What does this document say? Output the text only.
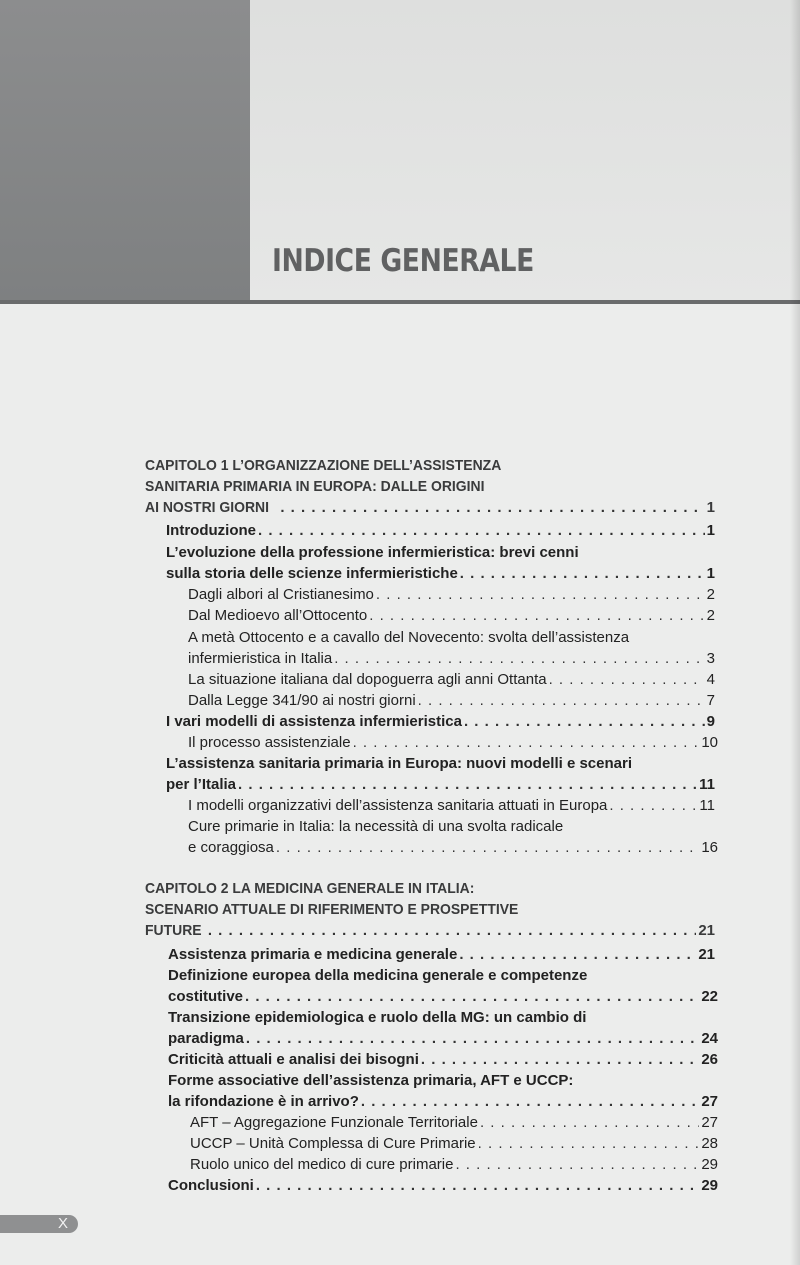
INDICE GENERALE
CAPITOLO 1 L’ORGANIZZAZIONE DELL’ASSISTENZA
SANITARIA PRIMARIA IN EUROPA: DALLE ORIGINI
AI NOSTRI GIORNI . . .	1
Introduzione . . .	1
L’evoluzione della professione infermieristica: brevi cenni
sulla storia delle scienze infermieristiche . . .	1
Dagli albori al Cristianesimo . . .	2
Dal Medioevo all’Ottocento . . .	2
A metà Ottocento e a cavallo del Novecento: svolta dell’assistenza
infermieristica in Italia . . .	3
La situazione italiana dal dopoguerra agli anni Ottanta . . .	4
Dalla Legge 341/90 ai nostri giorni . . .	7
I vari modelli di assistenza infermieristica . . .	9
Il processo assistenziale . . .	10
L’assistenza sanitaria primaria in Europa: nuovi modelli e scenari
per l’Italia . . .	11
I modelli organizzativi dell’assistenza sanitaria attuati in Europa . . .	11
Cure primarie in Italia: la necessità di una svolta radicale
e coraggiosa . . .	16
CAPITOLO 2 LA MEDICINA GENERALE IN ITALIA:
SCENARIO ATTUALE DI RIFERIMENTO E PROSPETTIVE
FUTURE . . .	21
Assistenza primaria e medicina generale . . .	21
Definizione europea della medicina generale e competenze
costitutive . . .	22
Transizione epidemiologica e ruolo della MG: un cambio di
paradigma . . .	24
Criticità attuali e analisi dei bisogni . . .	26
Forme associative dell’assistenza primaria, AFT e UCCP:
la rifondazione è in arrivo? . . .	27
AFT – Aggregazione Funzionale Territoriale . . .	27
UCCP – Unità Complessa di Cure Primarie . . .	28
Ruolo unico del medico di cure primarie . . .	29
Conclusioni . . .	29
X
